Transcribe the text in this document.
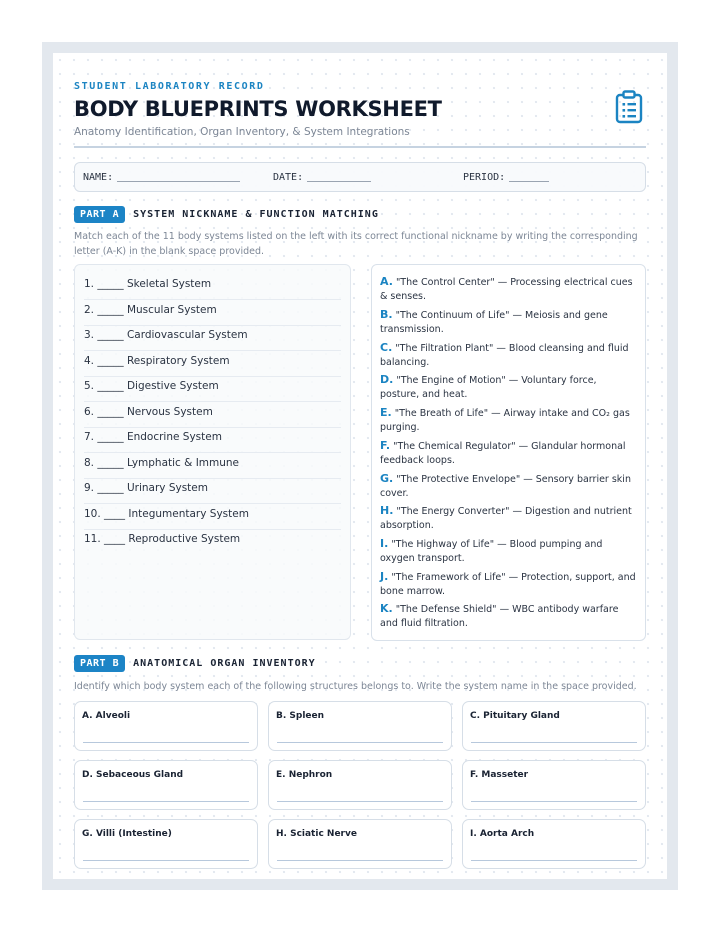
STUDENT LABORATORY RECORD
BODY BLUEPRINTS WORKSHEET
Anatomy Identification, Organ Inventory, & System Integrations
NAME:	DATE:	PERIOD:
PART A	SYSTEM NICKNAME & FUNCTION MATCHING
Match each of the 11 body systems listed on the left with its correct functional nickname by writing the corresponding letter (A-K) in the blank space provided.
1. _____ Skeletal System
2. _____ Muscular System
3. _____ Cardiovascular System
4. _____ Respiratory System
5. _____ Digestive System
6. _____ Nervous System
7. _____ Endocrine System
8. _____ Lymphatic & Immune
9. _____ Urinary System
10. ____ Integumentary System
11. ____ Reproductive System
A. "The Control Center" — Processing electrical cues & senses.
B. "The Continuum of Life" — Meiosis and gene transmission.
C. "The Filtration Plant" — Blood cleansing and fluid balancing.
D. "The Engine of Motion" — Voluntary force, posture, and heat.
E. "The Breath of Life" — Airway intake and CO₂ gas purging.
F. "The Chemical Regulator" — Glandular hormonal feedback loops.
G. "The Protective Envelope" — Sensory barrier skin cover.
H. "The Energy Converter" — Digestion and nutrient absorption.
I. "The Highway of Life" — Blood pumping and oxygen transport.
J. "The Framework of Life" — Protection, support, and bone marrow.
K. "The Defense Shield" — WBC antibody warfare and fluid filtration.
PART B	ANATOMICAL ORGAN INVENTORY
Identify which body system each of the following structures belongs to. Write the system name in the space provided.
A. Alveoli	B. Spleen	C. Pituitary Gland
D. Sebaceous Gland	E. Nephron	F. Masseter
G. Villi (Intestine)	H. Sciatic Nerve	I. Aorta Arch
